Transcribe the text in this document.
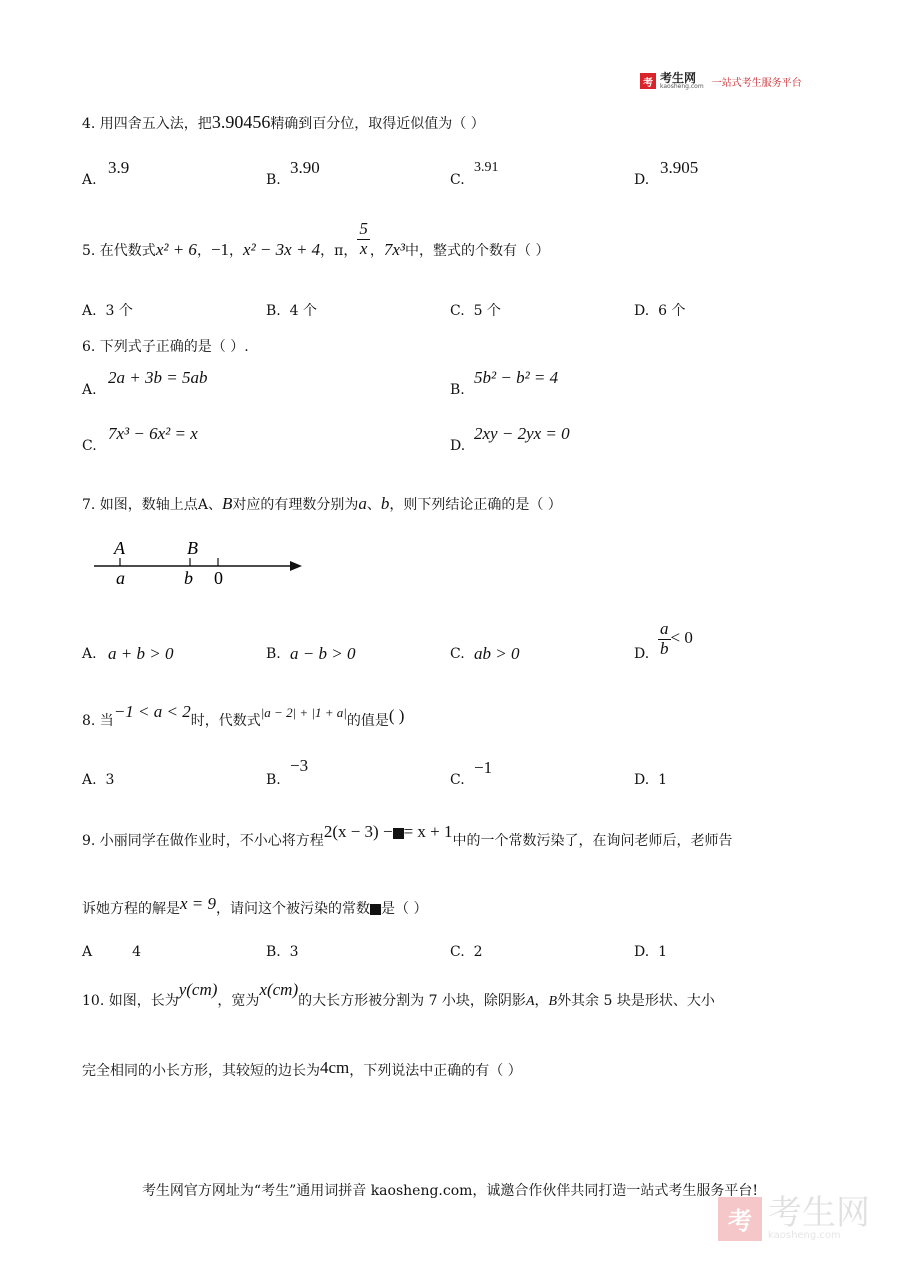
考 考生网
kaosheng.com 一站式考生服务平台
4. 用四舍五入法，把3.90456精确到百分位，取得近似值为（ ）
A.
3.9
B.
3.90
C.
3.91
D.
3.905
5. 在代数式x² + 6，−1，x² − 3x + 4，π， $\frac{5}{x}$ ，7x³中，整式的个数有（ ）
A. 3 个	B. 4 个	C. 5 个	D. 6 个
6. 下列式子正确的是（ ）.
A.
2a + 3b = 5ab
B.
5b² − b² = 4
C.
7x³ − 6x² = x
D.
2xy − 2yx = 0
7. 如图，数轴上点A、B对应的有理数分别为a、b，则下列结论正确的是（ ）
A	B
a	b 0
A. a + b > 0	B. a − b > 0	C. ab > 0	D. $\frac{a}{b} < 0$
8. 当−1 < a < 2时，代数式|a − 2| + |1 + a|的值是( )
A. 3	B.
−3
C.
−1
D. 1
9. 小丽同学在做作业时，不小心将方程2(x − 3) − = x + 1中的一个常数污染了，在询问老师后，老师告
诉她方程的解是x = 9，请问这个被污染的常数 是（ ）
A	4	B. 3	C. 2	D. 1
10. 如图，长为y(cm)，宽为x(cm)的大长方形被分割为 7 小块，除阴影A，B外其余 5 块是形状、大小
完全相同的小长方形，其较短的边长为4cm，下列说法中正确的有（ ）
考生网官方网址为“考生”通用词拼音 kaosheng.com，诚邀合作伙伴共同打造一站式考生服务平台!
考 考生网
kaosheng.com
